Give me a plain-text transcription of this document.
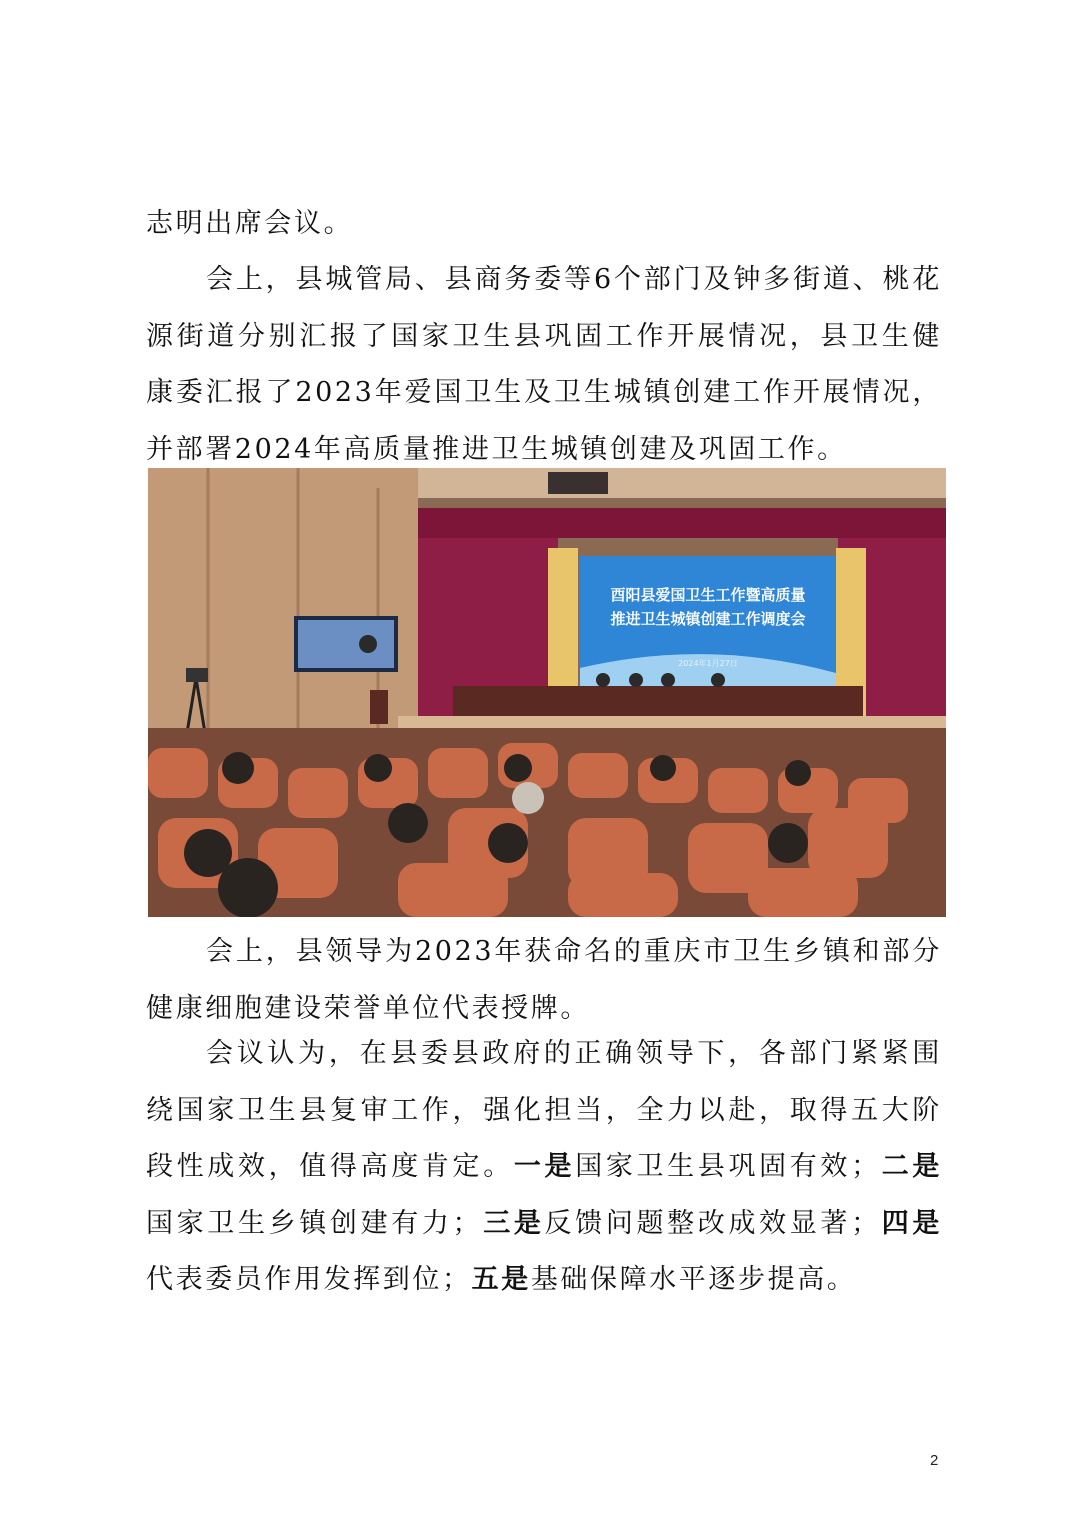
志明出席会议。

会上，县城管局、县商务委等6个部门及钟多街道、桃花源街道分别汇报了国家卫生县巩固工作开展情况，县卫生健康委汇报了2023年爱国卫生及卫生城镇创建工作开展情况，并部署2024年高质量推进卫生城镇创建及巩固工作。

酉阳县爱国卫生工作暨高质量
推进卫生城镇创建工作调度会
2024年1月27日

会上，县领导为2023年获命名的重庆市卫生乡镇和部分健康细胞建设荣誉单位代表授牌。

会议认为，在县委县政府的正确领导下，各部门紧紧围绕国家卫生县复审工作，强化担当，全力以赴，取得五大阶段性成效，值得高度肯定。一是国家卫生县巩固有效；二是国家卫生乡镇创建有力；三是反馈问题整改成效显著；四是代表委员作用发挥到位；五是基础保障水平逐步提高。

2
